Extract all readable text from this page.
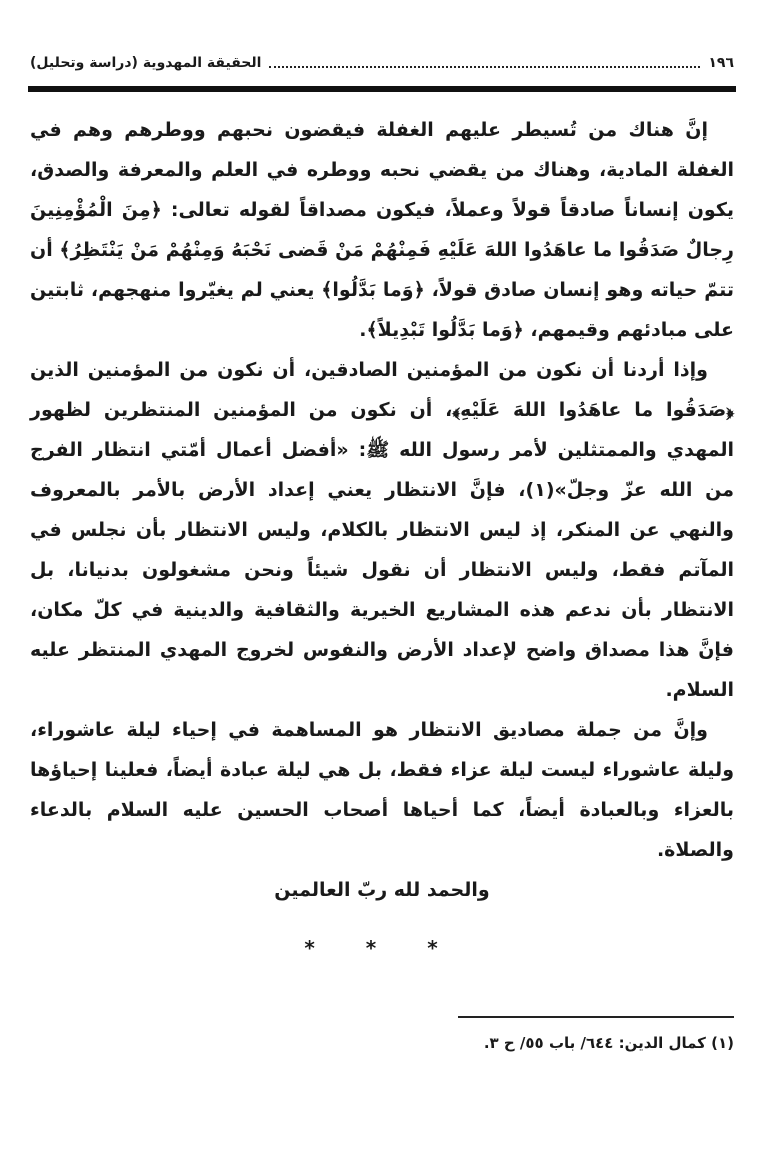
١٩٦
الحقيقة المهدوية (دراسة وتحليل)

إنَّ هناك من تُسيطر عليهم الغفلة فيقضون نحبهم ووطرهم وهم في الغفلة المادية، وهناك من يقضي نحبه ووطره في العلم والمعرفة والصدق، يكون إنساناً صادقاً قولاً وعملاً، فيكون مصداقاً لقوله تعالى: ﴿مِنَ الْمُؤْمِنِينَ رِجالٌ صَدَقُوا ما عاهَدُوا اللهَ عَلَيْهِ فَمِنْهُمْ مَنْ قَضى نَحْبَهُ وَمِنْهُمْ مَنْ يَنْتَظِرُ﴾ أن تتمّ حياته وهو إنسان صادق قولاً، ﴿وَما بَدَّلُوا﴾ يعني لم يغيّروا منهجهم، ثابتين على مبادئهم وقيمهم، ﴿وَما بَدَّلُوا تَبْدِيلاً﴾.

وإذا أردنا أن نكون من المؤمنين الصادقين، أن نكون من المؤمنين الذين ﴿صَدَقُوا ما عاهَدُوا اللهَ عَلَيْهِ﴾، أن نكون من المؤمنين المنتظرين لظهور المهدي والممتثلين لأمر رسول الله ﷺ: «أفضل أعمال أمّتي انتظار الفرج من الله عزّ وجلّ»(١)، فإنَّ الانتظار يعني إعداد الأرض بالأمر بالمعروف والنهي عن المنكر، إذ ليس الانتظار بالكلام، وليس الانتظار بأن نجلس في المآتم فقط، وليس الانتظار أن نقول شيئاً ونحن مشغولون بدنيانا، بل الانتظار بأن ندعم هذه المشاريع الخيرية والثقافية والدينية في كلّ مكان، فإنَّ هذا مصداق واضح لإعداد الأرض والنفوس لخروج المهدي المنتظر عليه السلام.

وإنَّ من جملة مصاديق الانتظار هو المساهمة في إحياء ليلة عاشوراء، وليلة عاشوراء ليست ليلة عزاء فقط، بل هي ليلة عبادة أيضاً، فعلينا إحياؤها بالعزاء وبالعبادة أيضاً، كما أحياها أصحاب الحسين عليه السلام بالدعاء والصلاة.

والحمد لله ربّ العالمين

* * *
(١) كمال الدين: ٦٤٤/ باب ٥٥/ ح ٣.
